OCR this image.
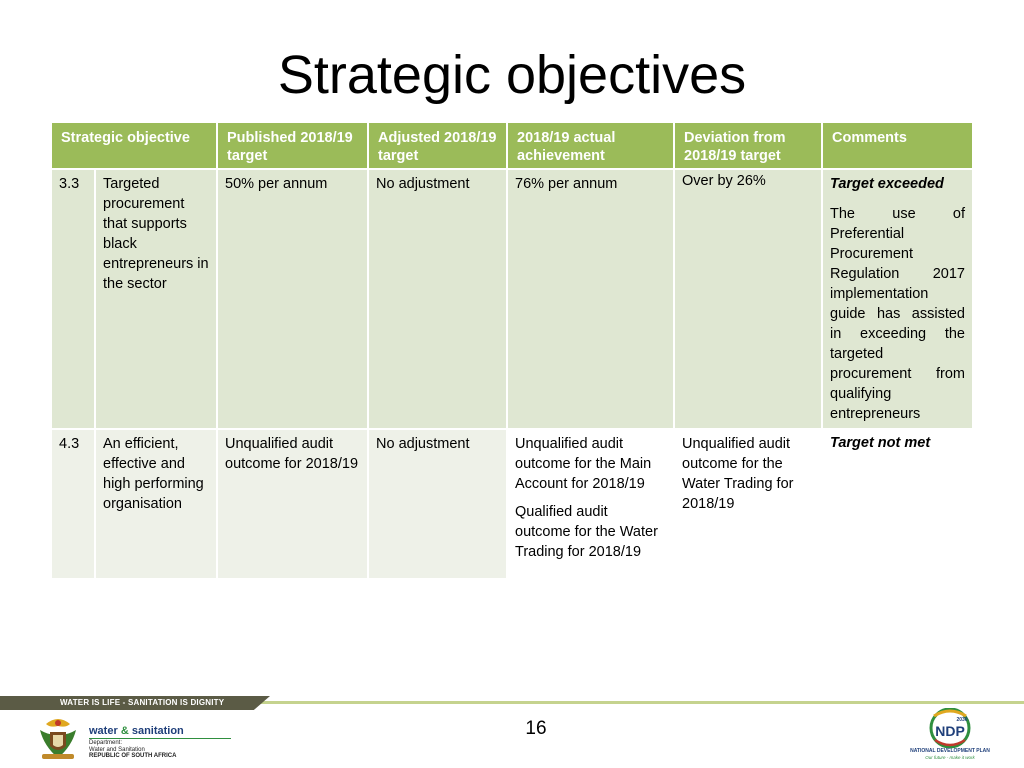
Strategic objectives
Strategic objective		Published 2018/19 target	Adjusted 2018/19 target	2018/19 actual achievement	Deviation from 2018/19 target	Comments
3.3	Targeted procurement that supports black entrepreneurs in the sector	50% per annum	No adjustment	76% per annum	Over by 26%	Target exceeded
The use of Preferential Procurement Regulation 2017 implementation guide has assisted in exceeding the targeted procurement from qualifying entrepreneurs

4.3	An efficient, effective and high performing organisation	Unqualified audit outcome for 2018/19	No adjustment	Unqualified audit outcome for the Main Account for 2018/19
Qualified audit outcome for the Water Trading for 2018/19	Unqualified audit outcome for the Water Trading for 2018/19	Target not met
WATER IS LIFE - SANITATION IS DIGNITY
16
water & sanitation
Department:
Water and Sanitation
REPUBLIC OF SOUTH AFRICA
NDP
2030
NATIONAL DEVELOPMENT PLAN
Our future - make it work
